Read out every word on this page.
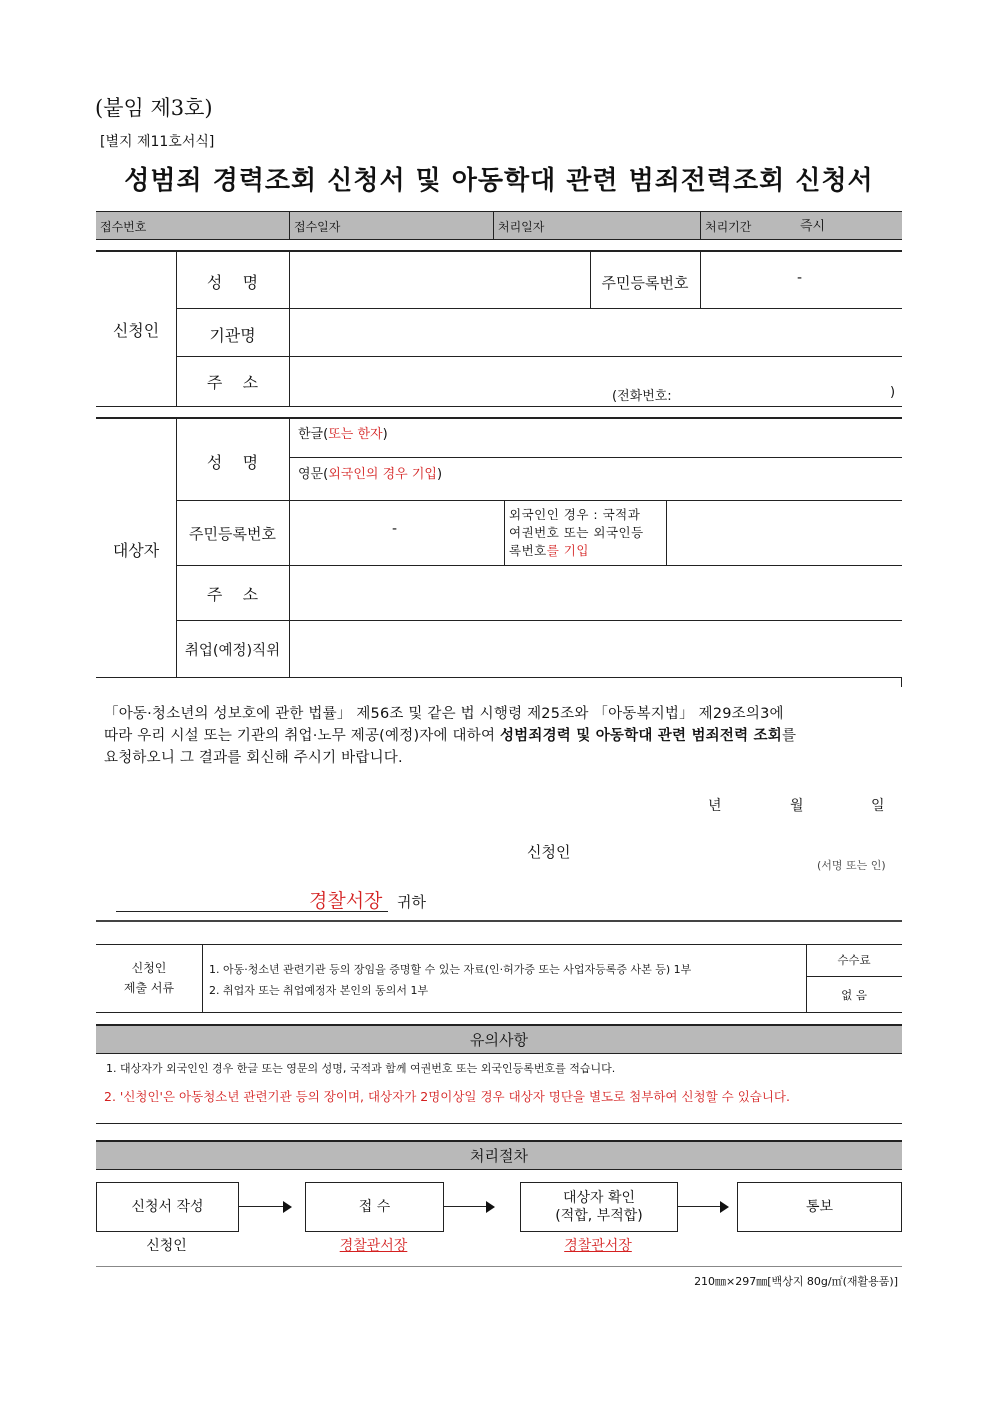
(붙임 제3호)
[별지 제11호서식]
성범죄 경력조회 신청서 및 아동학대 관련 범죄전력조회 신청서
접수번호	접수일자	처리일자	처리기간	즉시
신청인
성    명	주민등록번호	-
기관명
주    소
(전화번호:	)
대상자
성    명
한글(또는 한자)
영문(외국인의 경우 기입)
주민등록번호	-
외국인인 경우 : 국적과
여권번호 또는 외국인등
록번호를 기입
주    소
취업(예정)직위
「아동·청소년의 성보호에 관한 법률」 제56조 및 같은 법 시행령 제25조와 「아동복지법」 제29조의3에
따라 우리 시설 또는 기관의 취업·노무 제공(예정)자에 대하여 성범죄경력 및 아동학대 관련 범죄전력 조회를
요청하오니 그 결과를 회신해 주시기 바랍니다.
년	월	일
신청인
(서명 또는 인)
경찰서장 귀하
신청인
제출 서류
1. 아동·청소년 관련기관 등의 장임을 증명할 수 있는 자료(인·허가증 또는 사업자등록증 사본 등) 1부
2. 취업자 또는 취업예정자 본인의 동의서 1부
수수료
없 음
유의사항
1. 대상자가 외국인인 경우 한글 또는 영문의 성명, 국적과 함께 여권번호 또는 외국인등록번호를 적습니다.
2. '신청인'은 아동청소년 관련기관 등의 장이며, 대상자가 2명이상일 경우 대상자 명단을 별도로 첨부하여 신청할 수 있습니다.
처리절차
신청서 작성	접 수
대상자 확인
(적합, 부적합)
통보
신청인	경찰관서장	경찰관서장
210㎜×297㎜[백상지 80g/㎡(재활용품)]
